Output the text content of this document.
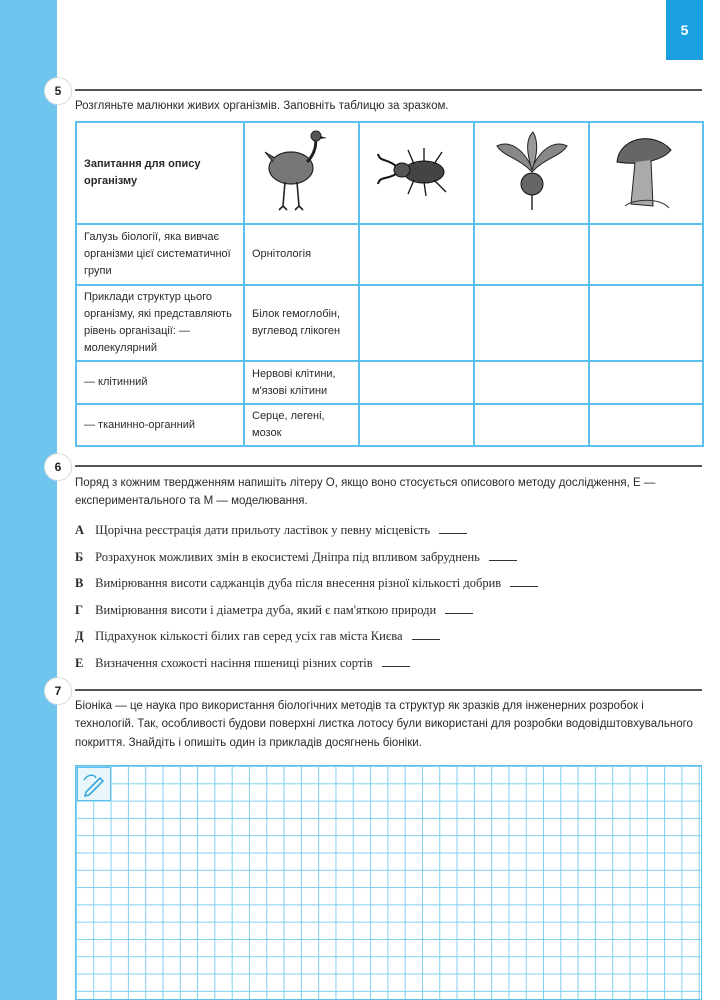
5
5
Розгляньте малюнки живих організмів. Заповніть таблицю за зразком.
Запитання для опису організму				
Галузь біології, яка вивчає організми цієї систематичної групи	Орнітологія			
Приклади структур цього організму, які представляють рівень організації: — молекулярний	Білок гемоглобін, вуглевод глікоген			
— клітинний	Нервові клітини, м'язові клітини			
— тканинно-органний	Серце, легені, мозок			
6
Поряд з кожним твердженням напишіть літеру О, якщо воно стосується описового методу дослідження, Е — експериментального та М — моделювання.
А Щорічна реєстрація дати прильоту ластівок у певну місцевість
Б Розрахунок можливих змін в екосистемі Дніпра під впливом забруднень
В Вимірювання висоти саджанців дуба після внесення різної кількості добрив
Г Вимірювання висоти і діаметра дуба, який є пам'яткою природи
Д Підрахунок кількості білих гав серед усіх гав міста Києва
Е Визначення схожості насіння пшениці різних сортів
7
Біоніка — це наука про використання біологічних методів та структур як зразків для інженерних розробок і технологій. Так, особливості будови поверхні листка лотосу були використані для розробки водовідштовхувального покриття. Знайдіть і опишіть один із прикладів досягнень біоніки.
